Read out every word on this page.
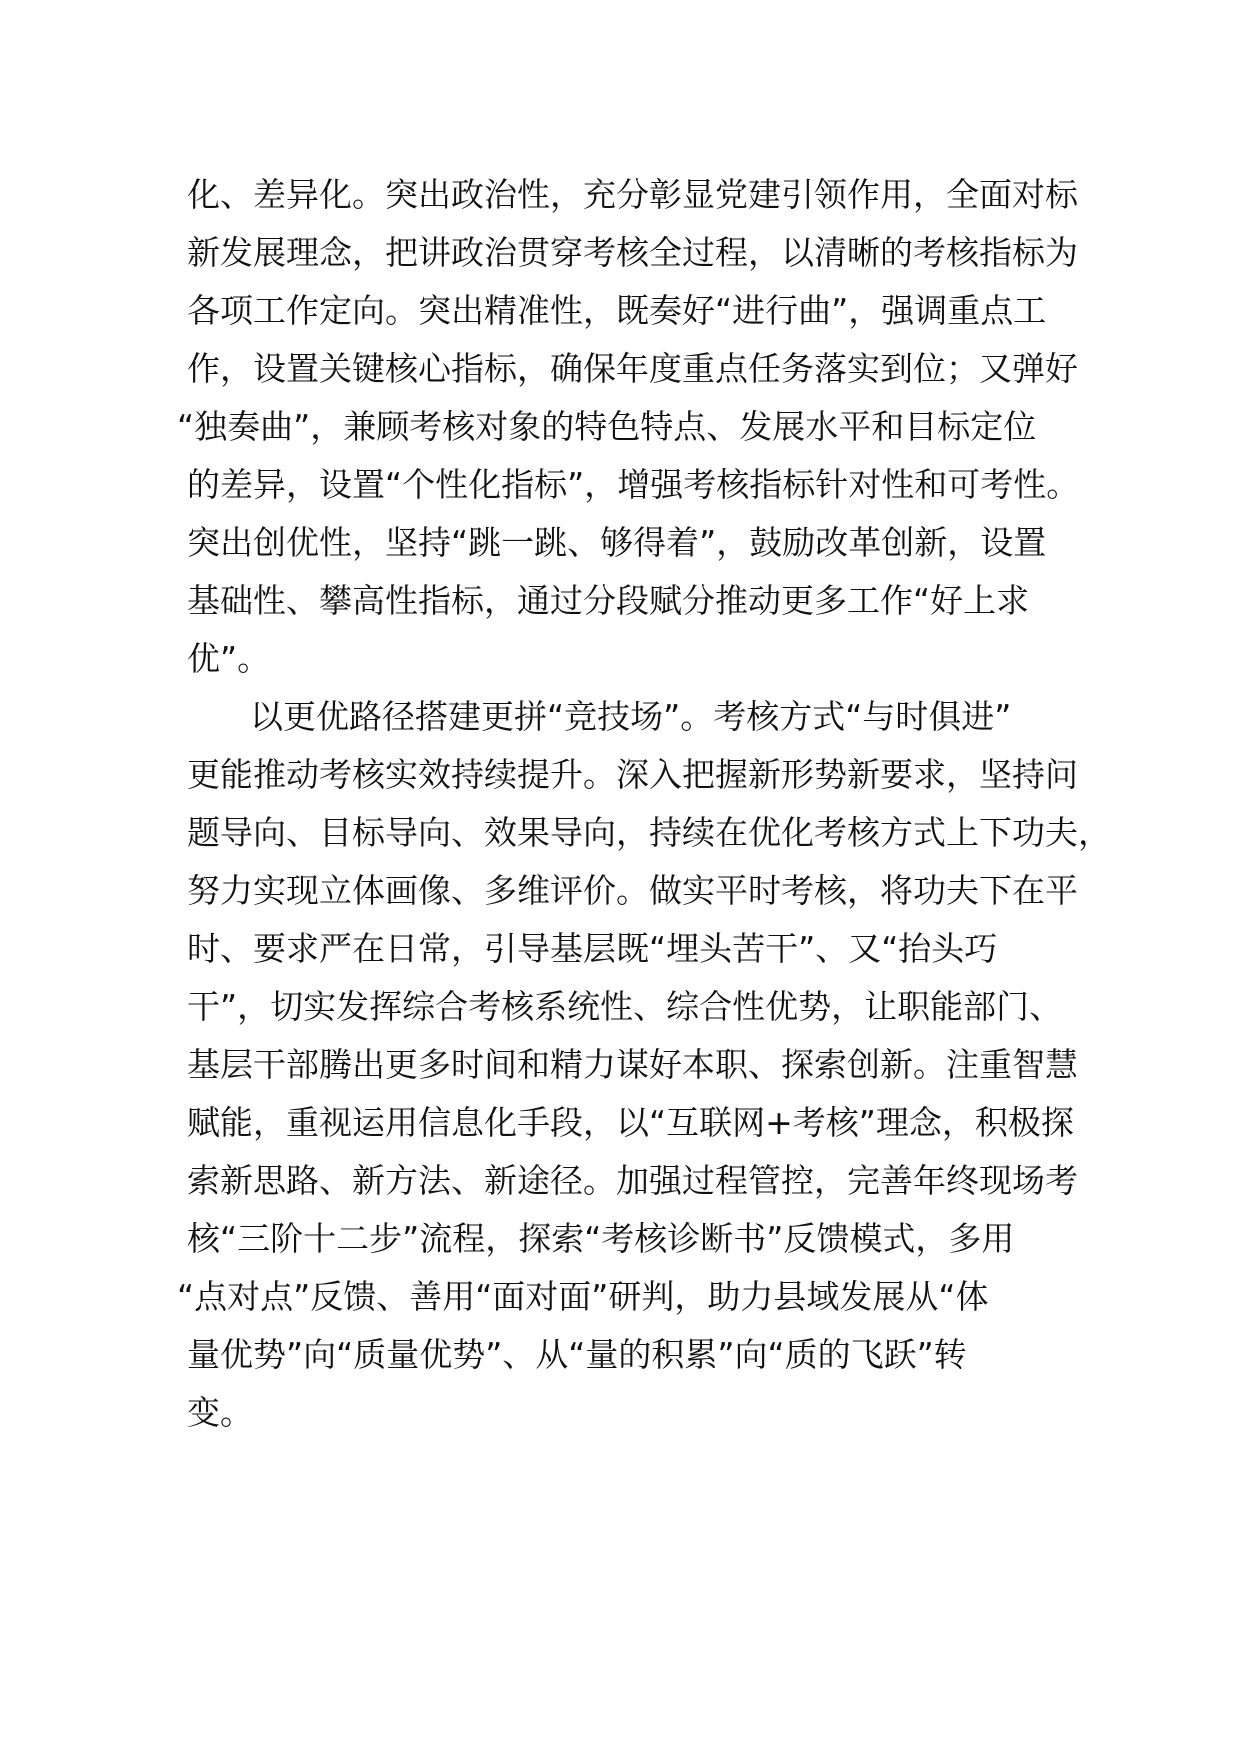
化、差异化。突出政治性，充分彰显党建引领作用，全面对标
新发展理念，把讲政治贯穿考核全过程，以清晰的考核指标为
各项工作定向。突出精准性，既奏好“进行曲”，强调重点工
作，设置关键核心指标，确保年度重点任务落实到位；又弹好
“独奏曲”，兼顾考核对象的特色特点、发展水平和目标定位
的差异，设置“个性化指标”，增强考核指标针对性和可考性。
突出创优性，坚持“跳一跳、够得着”，鼓励改革创新，设置
基础性、攀高性指标，通过分段赋分推动更多工作“好上求
优”。
以更优路径搭建更拼“竞技场”。考核方式“与时俱进”
更能推动考核实效持续提升。深入把握新形势新要求，坚持问
题导向、目标导向、效果导向，持续在优化考核方式上下功夫，
努力实现立体画像、多维评价。做实平时考核，将功夫下在平
时、要求严在日常，引导基层既“埋头苦干”、又“抬头巧
干”，切实发挥综合考核系统性、综合性优势，让职能部门、
基层干部腾出更多时间和精力谋好本职、探索创新。注重智慧
赋能，重视运用信息化手段，以“互联网+考核”理念，积极探
索新思路、新方法、新途径。加强过程管控，完善年终现场考
核“三阶十二步”流程，探索“考核诊断书”反馈模式，多用
“点对点”反馈、善用“面对面”研判，助力县域发展从“体
量优势”向“质量优势”、从“量的积累”向“质的飞跃”转
变。
